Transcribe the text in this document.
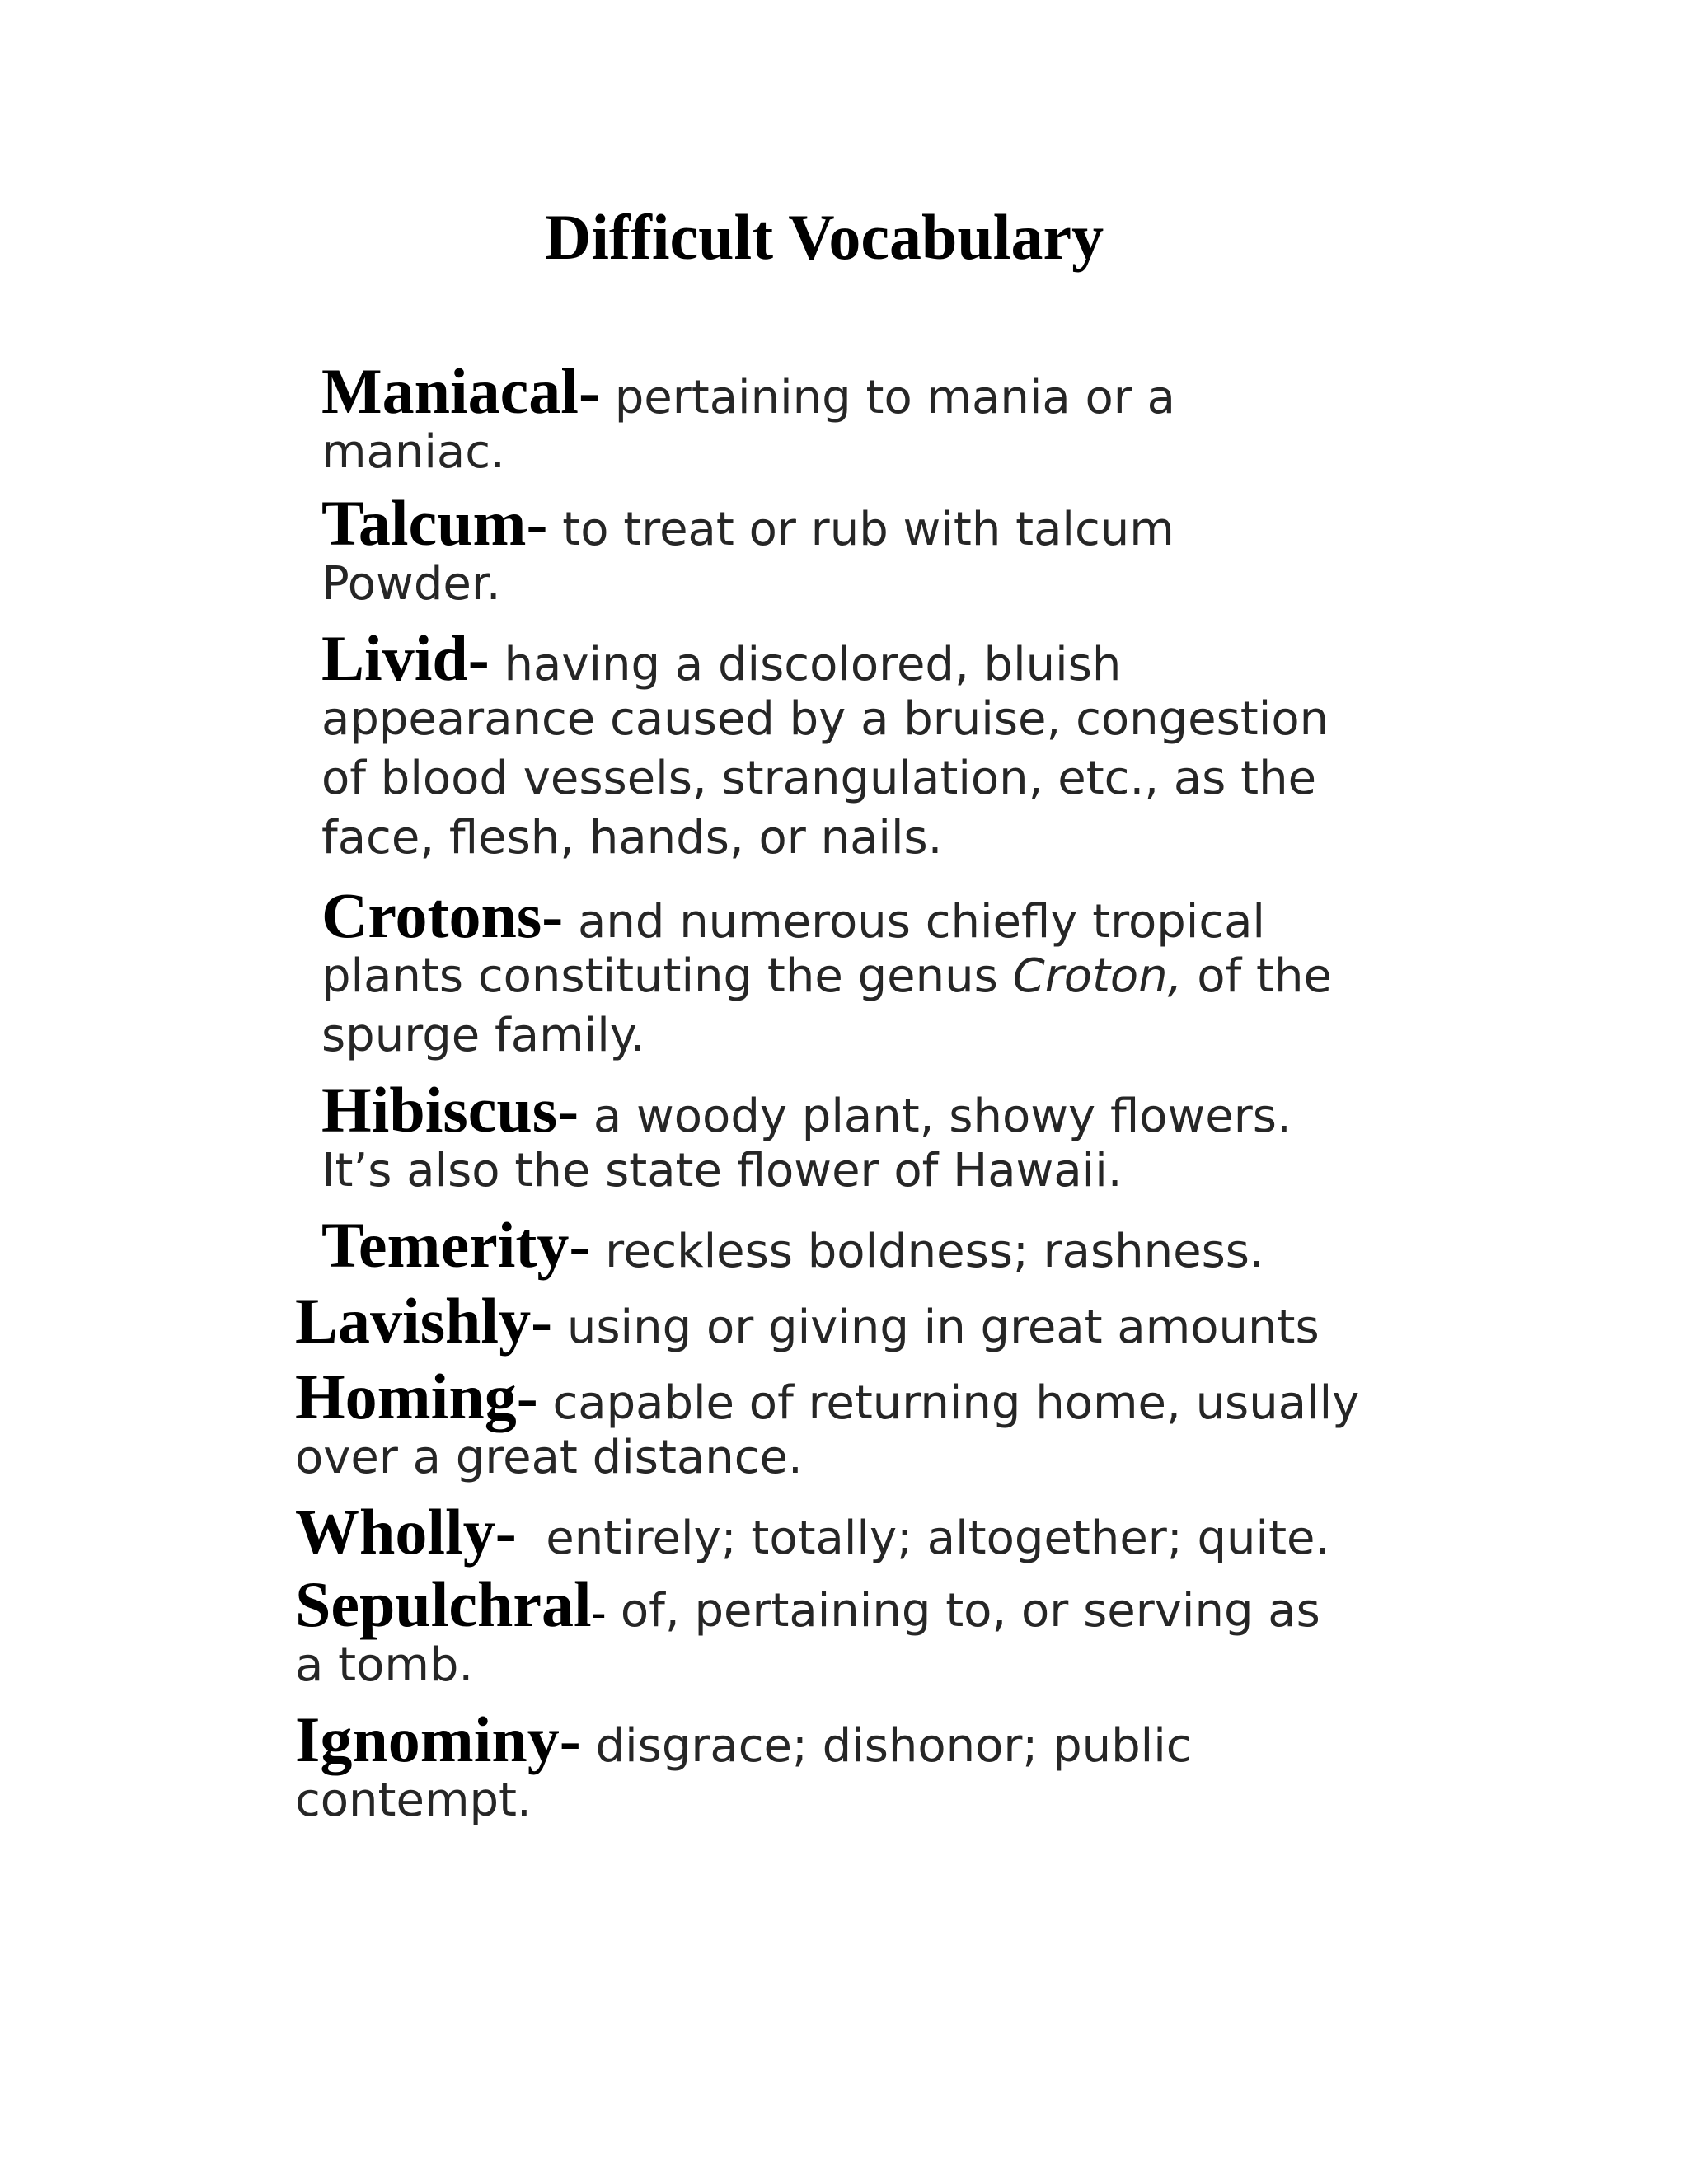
Difficult Vocabulary
Maniacal- pertaining to mania or a
maniac.
Talcum- to treat or rub with talcum
Powder.
Livid- having a discolored, bluish
appearance caused by a bruise, congestion
of blood vessels, strangulation, etc., as the
face, flesh, hands, or nails.
Crotons- and numerous chiefly tropical
plants constituting the genus Croton, of the
spurge family.
Hibiscus- a woody plant, showy flowers.
It’s also the state flower of Hawaii.
Temerity- reckless boldness; rashness.
Lavishly- using or giving in great amounts
Homing- capable of returning home, usually
over a great distance.
Wholly-  entirely; totally; altogether; quite.
Sepulchral- of, pertaining to, or serving as
a tomb.
Ignominy- disgrace; dishonor; public
contempt.
